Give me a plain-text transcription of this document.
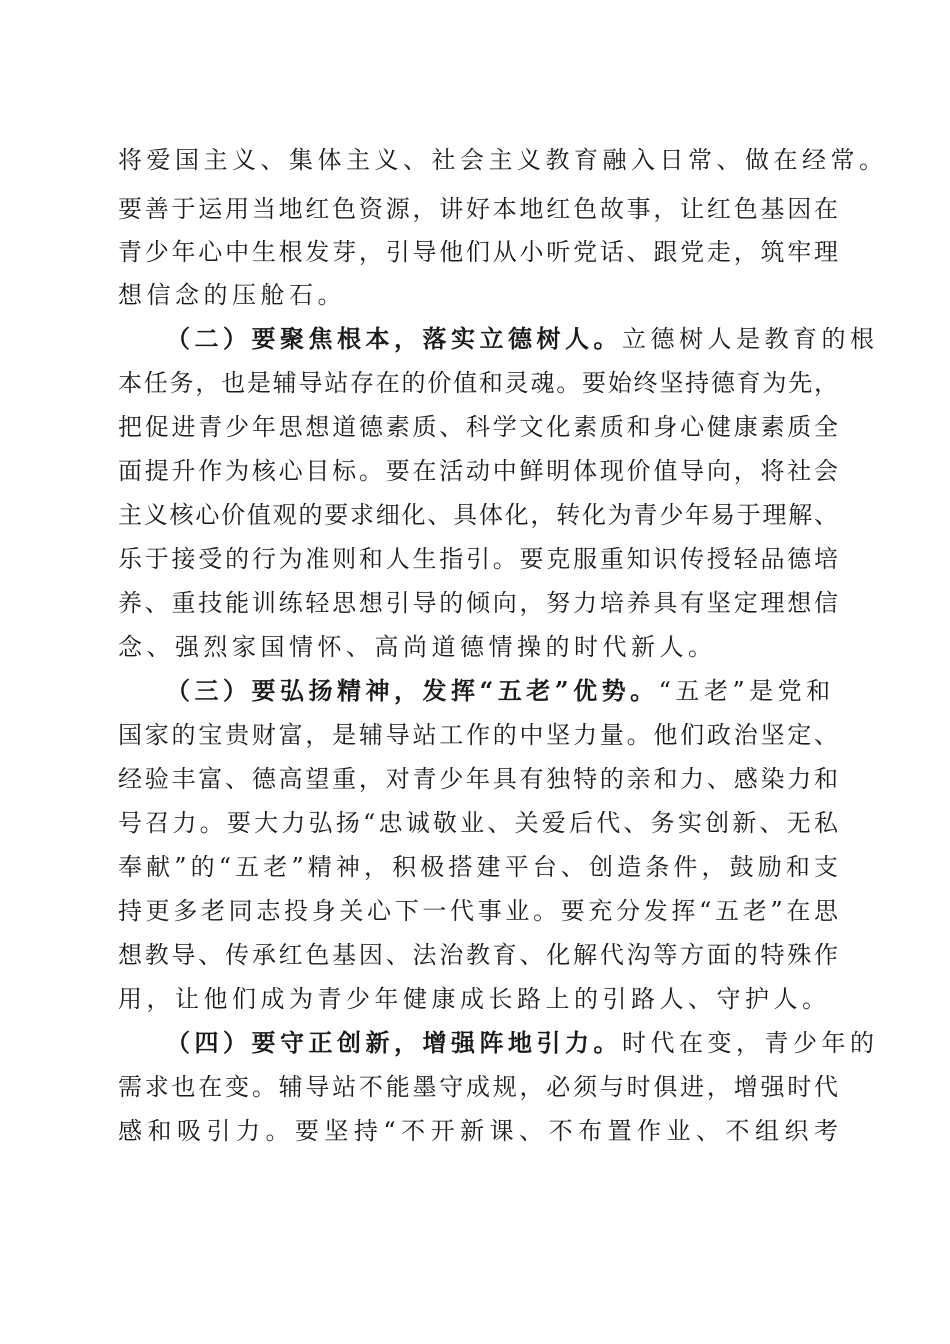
将爱国主义、集体主义、社会主义教育融入日常、做在经常。
要善于运用当地红色资源，讲好本地红色故事，让红色基因在
青少年心中生根发芽，引导他们从小听党话、跟党走，筑牢理
想信念的压舱石。
（二）要聚焦根本，落实立德树人。立德树人是教育的根
本任务，也是辅导站存在的价值和灵魂。要始终坚持德育为先，
把促进青少年思想道德素质、科学文化素质和身心健康素质全
面提升作为核心目标。要在活动中鲜明体现价值导向，将社会
主义核心价值观的要求细化、具体化，转化为青少年易于理解、
乐于接受的行为准则和人生指引。要克服重知识传授轻品德培
养、重技能训练轻思想引导的倾向，努力培养具有坚定理想信
念、强烈家国情怀、高尚道德情操的时代新人。
（三）要弘扬精神，发挥“五老”优势。“五老”是党和
国家的宝贵财富，是辅导站工作的中坚力量。他们政治坚定、
经验丰富、德高望重，对青少年具有独特的亲和力、感染力和
号召力。要大力弘扬“忠诚敬业、关爱后代、务实创新、无私
奉献”的“五老”精神，积极搭建平台、创造条件，鼓励和支
持更多老同志投身关心下一代事业。要充分发挥“五老”在思
想教导、传承红色基因、法治教育、化解代沟等方面的特殊作
用，让他们成为青少年健康成长路上的引路人、守护人。
（四）要守正创新，增强阵地引力。时代在变，青少年的
需求也在变。辅导站不能墨守成规，必须与时俱进，增强时代
感和吸引力。要坚持“不开新课、不布置作业、不组织考
